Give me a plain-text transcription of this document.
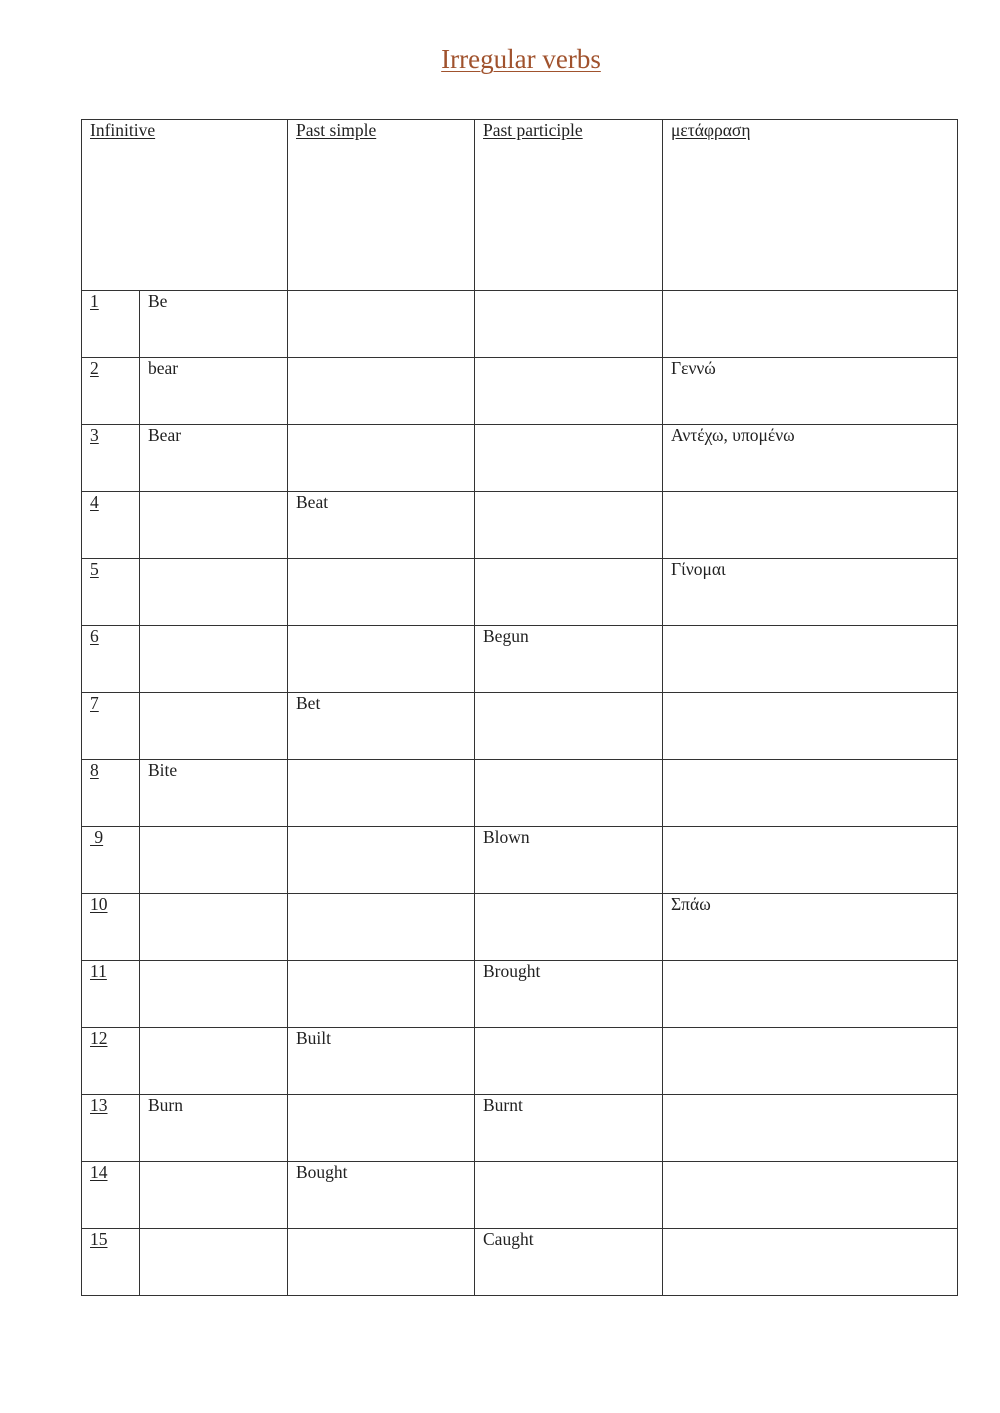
Irregular verbs
Infinitive		Past simple	Past participle	μετάφραση

1	Be			

2	bear			Γεννώ

3	Bear			Αντέχω, υπομένω

4		Beat		

5				Γίνομαι

6			Begun	

7		Bet		

8	Bite			

9			Blown	

10				Σπάω

11			Brought	

12		Built		

13	Burn		Burnt	

14		Bought		

15			Caught	
